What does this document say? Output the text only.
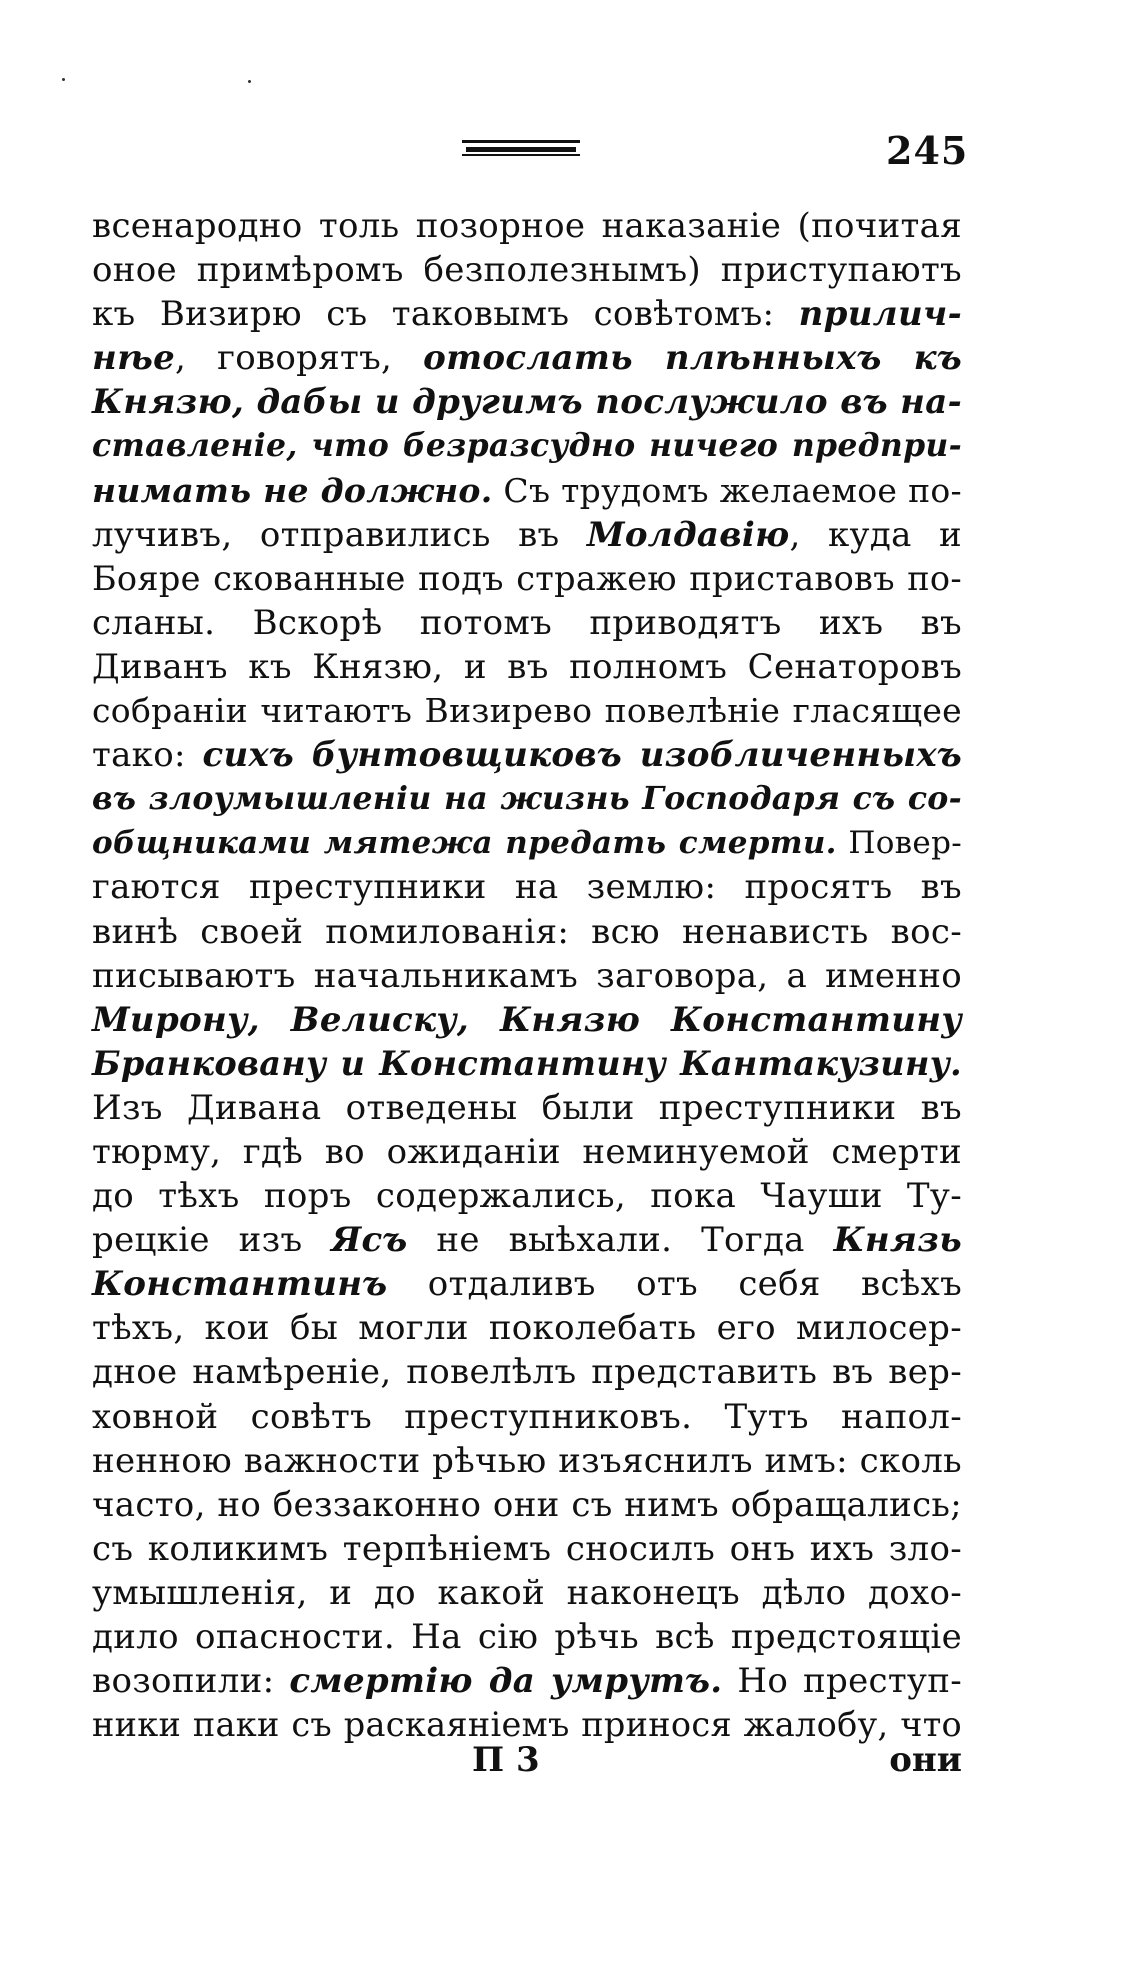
245
всенародно толь позорное наказаніе (почитая
оное примѣромъ безполезнымъ) приступаютъ
къ Визирю съ таковымъ совѣтомъ: прилич-
нѣе, говорятъ, отослать плѣнныхъ къ
Князю, дабы и другимъ послужило въ на-
ставленіе, что безразсудно ничего предпри-
нимать не должно. Съ трудомъ желаемое по-
лучивъ, отправились въ Молдавію, куда и
Бояре скованные подъ стражею приставовъ по-
сланы. Вскорѣ потомъ приводятъ ихъ въ
Диванъ къ Князю, и въ полномъ Сенаторовъ
собраніи читаютъ Визирево повелѣніе гласящее
тако: сихъ бунтовщиковъ изобличенныхъ
въ злоумышленіи на жизнь Господаря съ со-
общниками мятежа предать смерти. Повер-
гаются преступники на землю: просятъ въ
винѣ своей помилованія: всю ненависть вос-
писываютъ начальникамъ заговора, а именно
Мирону, Велиску, Князю Константину
Бранковану и Константину Кантакузину.
Изъ Дивана отведены были преступники въ
тюрму, гдѣ во ожиданіи неминуемой смерти
до тѣхъ поръ содержались, пока Чауши Ту-
рецкіе изъ Ясъ не выѣхали. Тогда Князь
Константинъ отдаливъ отъ себя всѣхъ
тѣхъ, кои бы могли поколебать его милосер-
дное намѣреніе, повелѣлъ представить въ вер-
ховной совѣтъ преступниковъ. Тутъ напол-
ненною важности рѣчью изъяснилъ имъ: сколь
часто, но беззаконно они съ нимъ обращались;
съ коликимъ терпѣніемъ сносилъ онъ ихъ зло-
умышленія, и до какой наконецъ дѣло дохо-
дило опасности. На сію рѣчь всѣ предстоящіе
возопили: смертію да умрутъ. Но преступ-
ники паки съ раскаяніемъ принося жалобу, что
П 3	они
